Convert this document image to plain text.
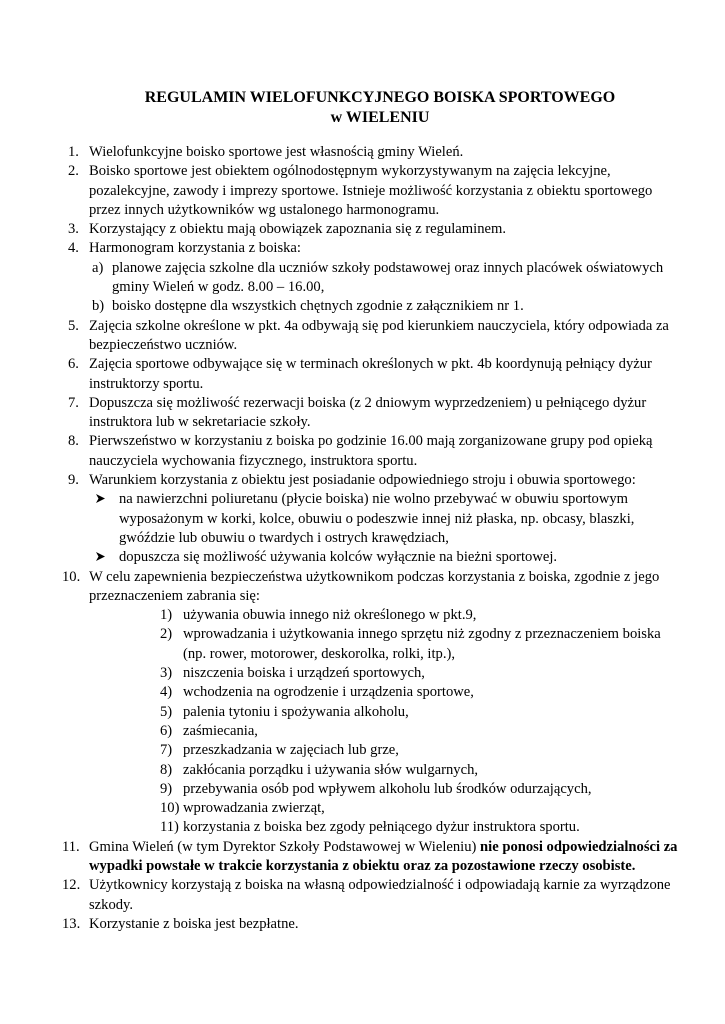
REGULAMIN WIELOFUNKCYJNEGO BOISKA SPORTOWEGO
w WIELENIU
1. Wielofunkcyjne boisko sportowe jest własnością gminy Wieleń.
2. Boisko sportowe jest obiektem ogólnodostępnym wykorzystywanym na zajęcia lekcyjne, pozalekcyjne, zawody i imprezy sportowe. Istnieje możliwość korzystania z obiektu sportowego przez innych użytkowników wg ustalonego harmonogramu.
3. Korzystający z obiektu mają obowiązek zapoznania się z regulaminem.
4. Harmonogram korzystania z boiska:
a) planowe zajęcia szkolne dla uczniów szkoły podstawowej oraz innych placówek oświatowych gminy Wieleń w godz. 8.00 – 16.00,
b) boisko dostępne dla wszystkich chętnych zgodnie z załącznikiem nr 1.
5. Zajęcia szkolne określone w pkt. 4a odbywają się pod kierunkiem nauczyciela, który odpowiada za bezpieczeństwo uczniów.
6. Zajęcia sportowe odbywające się w terminach określonych w pkt. 4b koordynują pełniący dyżur instruktorzy sportu.
7. Dopuszcza się możliwość rezerwacji boiska (z 2 dniowym wyprzedzeniem) u pełniącego dyżur instruktora lub w sekretariacie szkoły.
8. Pierwszeństwo w korzystaniu z boiska po godzinie 16.00 mają zorganizowane grupy pod opieką nauczyciela wychowania fizycznego, instruktora sportu.
9. Warunkiem korzystania z obiektu jest posiadanie odpowiedniego stroju i obuwia sportowego:
na nawierzchni poliuretanu (płycie boiska) nie wolno przebywać w obuwiu sportowym wyposażonym w korki, kolce, obuwiu o podeszwie innej niż płaska, np. obcasy, blaszki, gwóździe lub obuwiu o twardych i ostrych krawędziach,
dopuszcza się możliwość używania kolców wyłącznie na bieżni sportowej.
10. W celu zapewnienia bezpieczeństwa użytkownikom podczas korzystania z boiska, zgodnie z jego przeznaczeniem zabrania się:
1) używania obuwia innego niż określonego w pkt.9,
2) wprowadzania i użytkowania innego sprzętu niż zgodny z przeznaczeniem boiska (np. rower, motorower, deskorolka, rolki, itp.),
3) niszczenia boiska i urządzeń sportowych,
4) wchodzenia na ogrodzenie i urządzenia sportowe,
5) palenia tytoniu i spożywania alkoholu,
6) zaśmiecania,
7) przeszkadzania w zajęciach lub grze,
8) zakłócania porządku i używania słów wulgarnych,
9) przebywania osób pod wpływem alkoholu lub środków odurzających,
10) wprowadzania zwierząt,
11) korzystania z boiska bez zgody pełniącego dyżur instruktora sportu.
11. Gmina Wieleń (w tym Dyrektor Szkoły Podstawowej w Wieleniu) nie ponosi odpowiedzialności za wypadki powstałe w trakcie korzystania z obiektu oraz za pozostawione rzeczy osobiste.
12. Użytkownicy korzystają z boiska na własną odpowiedzialność i odpowiadają karnie za wyrządzone szkody.
13. Korzystanie z boiska jest bezpłatne.
